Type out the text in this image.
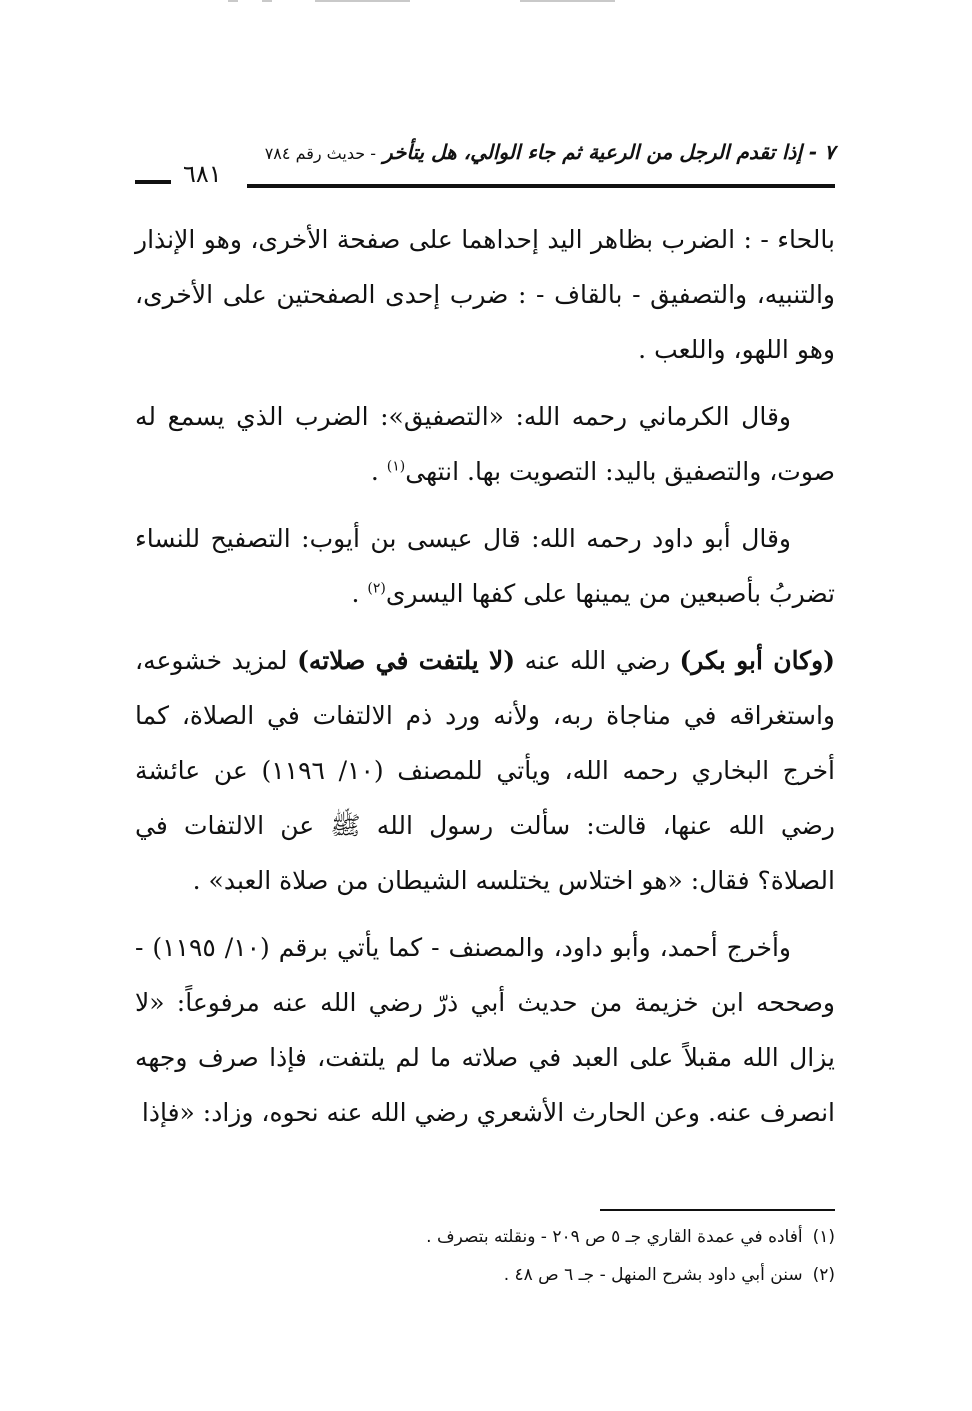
٧ - إذا تقدم الرجل من الرعية ثم جاء الوالي، هل يتأخر - حديث رقم ٧٨٤
٦٨١

بالحاء - : الضرب بظاهر اليد إحداهما على صفحة الأخرى، وهو الإنذار والتنبيه، والتصفيق - بالقاف - : ضرب إحدى الصفحتين على الأخرى، وهو اللهو، واللعب .

وقال الكرماني رحمه الله: «التصفيق»: الضرب الذي يسمع له صوت، والتصفيق باليد: التصويت بها. انتهى$^{(١)}$ .

وقال أبو داود رحمه الله: قال عيسى بن أيوب: التصفيح للنساء تضربُ بأصبعين من يمينها على كفها اليسرى$^{(٢)}$ .

(وكان أبو بكر) رضي الله عنه (لا يلتفت في صلاته) لمزيد خشوعه، واستغراقه في مناجاة ربه، ولأنه ورد ذم الالتفات في الصلاة، كما أخرج البخاري رحمه الله، ويأتي للمصنف (١٠/ ١١٩٦) عن عائشة رضي الله عنها، قالت: سألت رسول الله ﷺ عن الالتفات في الصلاة؟ فقال: «هو اختلاس يختلسه الشيطان من صلاة العبد» .

وأخرج أحمد، وأبو داود، والمصنف - كما يأتي برقم (١٠/ ١١٩٥) - وصححه ابن خزيمة من حديث أبي ذرّ رضي الله عنه مرفوعاً: «لا يزال الله مقبلاً على العبد في صلاته ما لم يلتفت، فإذا صرف وجهه انصرف عنه. وعن الحارث الأشعري رضي الله عنه نحوه، وزاد: «فإذا

(١)
أفاده في عمدة القاري جـ ٥ ص ٢٠٩ - ونقلته بتصرف .
(٢)
سنن أبي داود بشرح المنهل - جـ ٦ ص ٤٨ .
